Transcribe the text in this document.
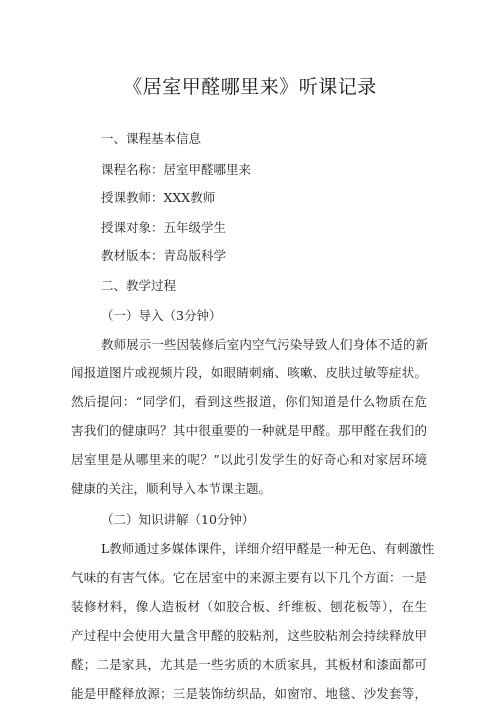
《居室甲醛哪里来》听课记录
一、课程基本信息
课程名称：居室甲醛哪里来
授课教师：XXX教师
授课对象：五年级学生
教材版本：青岛版科学
二、教学过程
（一）导入（3分钟）
教师展示一些因装修后室内空气污染导致人们身体不适的新
闻报道图片或视频片段，如眼睛刺痛、咳嗽、皮肤过敏等症状。
然后提问：“同学们，看到这些报道，你们知道是什么物质在危
害我们的健康吗？其中很重要的一种就是甲醛。那甲醛在我们的
居室里是从哪里来的呢？”以此引发学生的好奇心和对家居环境
健康的关注，顺利导入本节课主题。
（二）知识讲解（10分钟）
L教师通过多媒体课件，详细介绍甲醛是一种无色、有刺激性
气味的有害气体。它在居室中的来源主要有以下几个方面：一是
装修材料，像人造板材（如胶合板、纤维板、刨花板等），在生
产过程中会使用大量含甲醛的胶粘剂，这些胶粘剂会持续释放甲
醛；二是家具，尤其是一些劣质的木质家具，其板材和漆面都可
能是甲醛释放源；三是装饰纺织品，如窗帘、地毯、沙发套等，
